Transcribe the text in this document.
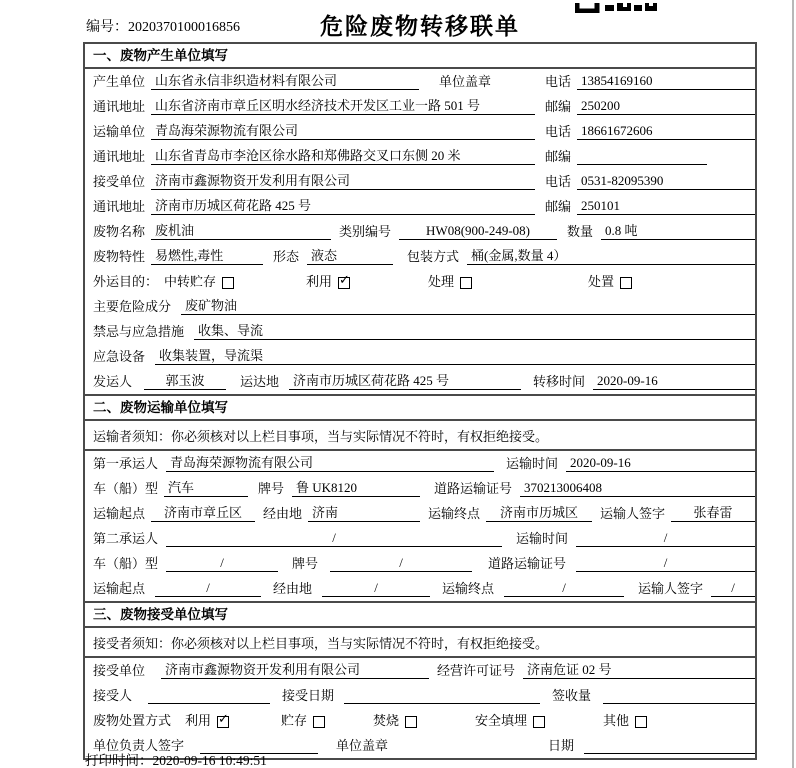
编号：2020370100016856	危险废物转移联单
一、废物产生单位填写
产生单位 山东省永信非织造材料有限公司	单位盖章	电话 13854169160
通讯地址 山东省济南市章丘区明水经济技术开发区工业一路 501 号	邮编 250200
运输单位 青岛海荣源物流有限公司	电话 18661672606
通讯地址 山东省青岛市李沧区徐水路和郑佛路交叉口东侧 20 米	邮编
接受单位 济南市鑫源物资开发利用有限公司	电话 0531-82095390
通讯地址 济南市历城区荷花路 425 号	邮编 250101
废物名称 废机油	类别编号	HW08(900-249-08)	数量 0.8 吨
废物特性 易燃性,毒性	形态 液态	包装方式 桶(金属,数量 4）
外运目的： 中转贮存	利用 ✓	处理	处置
主要危险成分	废矿物油
禁忌与应急措施	收集、导流
应急设备	收集装置，导流渠
发运人	郭玉波	运达地	济南市历城区荷花路 425 号	转移时间 2020-09-16
二、废物运输单位填写
运输者须知：你必须核对以上栏目事项，当与实际情况不符时，有权拒绝接受。
第一承运人 青岛海荣源物流有限公司	运输时间 2020-09-16
车（船）型 汽车	牌号 鲁 UK8120	道路运输证号 370213006408
运输起点	济南市章丘区	经由地 济南	运输终点	济南市历城区	运输人签字	张春雷
第二承运人	/	运输时间	/
车（船）型	/	牌号	/	道路运输证号	/
运输起点	/	经由地	/	运输终点	/	运输人签字	/
三、废物接受单位填写
接受者须知：你必须核对以上栏目事项，当与实际情况不符时，有权拒绝接受。
接受单位	济南市鑫源物资开发利用有限公司	经营许可证号 济南危证 02 号
接受人	接受日期	签收量
废物处置方式 利用 ✓	贮存	焚烧	安全填埋	其他
单位负责人签字	单位盖章	日期
打印时间：2020-09-16 10:49:51
